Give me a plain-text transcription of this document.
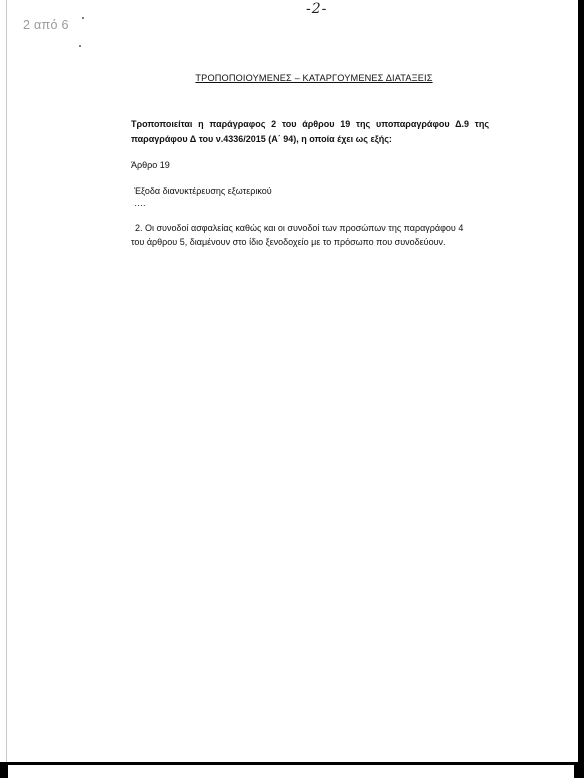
2 από 6
-2-
ΤΡΟΠΟΠΟΙΟΥΜΕΝΕΣ – ΚΑΤΑΡΓΟΥΜΕΝΕΣ ΔΙΑΤΑΞΕΙΣ
Τροποποιείται η παράγραφος 2 του άρθρου 19 της υποπαραγράφου Δ.9 της
παραγράφου Δ του ν.4336/2015 (Α΄ 94), η οποία έχει ως εξής:
Άρθρο 19
Έξοδα διανυκτέρευσης εξωτερικού
….
2. Οι συνοδοί ασφαλείας καθώς και οι συνοδοί των προσώπων της παραγράφου 4
του άρθρου 5, διαμένουν στο ίδιο ξενοδοχείο με το πρόσωπο που συνοδεύουν.
